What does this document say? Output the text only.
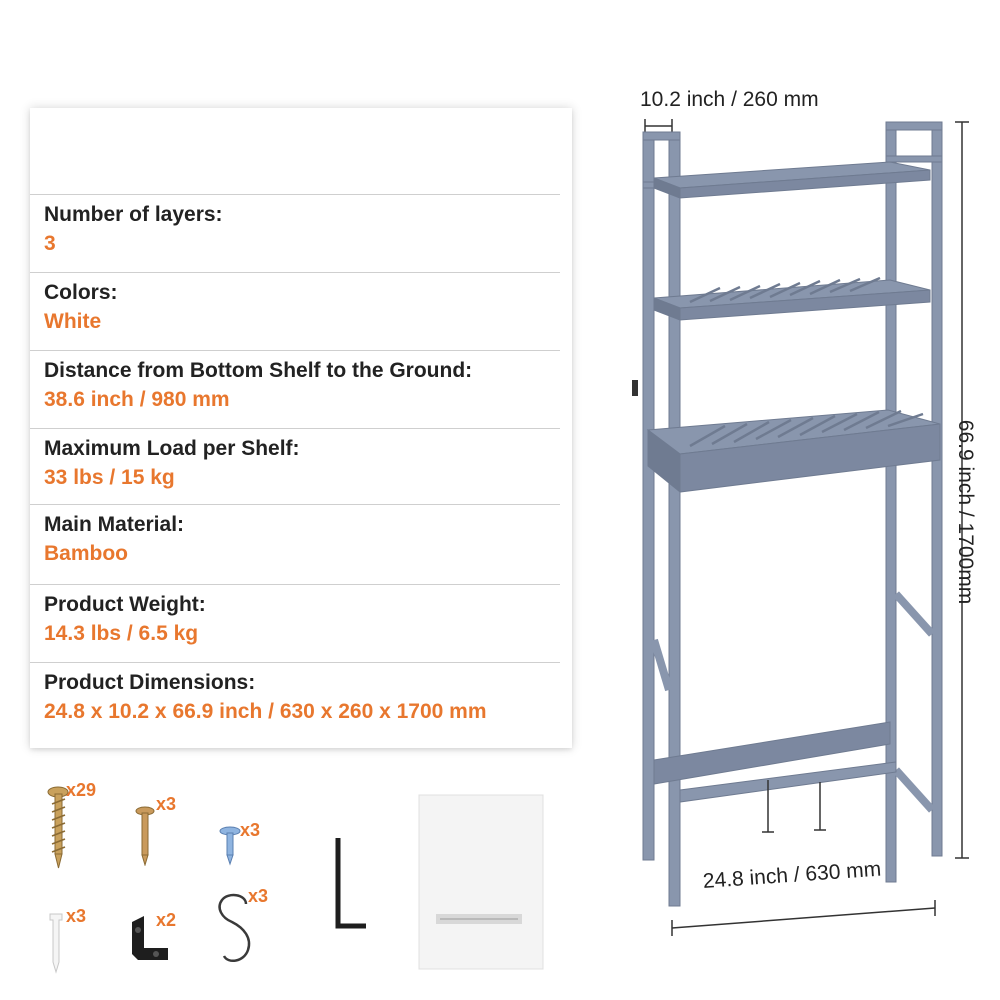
Number of layers:
3
Colors:
White
Distance from Bottom Shelf to the Ground:
38.6 inch / 980 mm
Maximum Load per Shelf:
33 lbs / 15 kg
Main Material:
Bamboo
Product Weight:
14.3 lbs / 6.5 kg
Product Dimensions:
24.8 x 10.2 x 66.9 inch / 630 x 260 x 1700 mm
10.2 inch / 260 mm
66.9 inch / 1700mm
24.8 inch / 630 mm
x29
x3
x3
x3	x2
x3
